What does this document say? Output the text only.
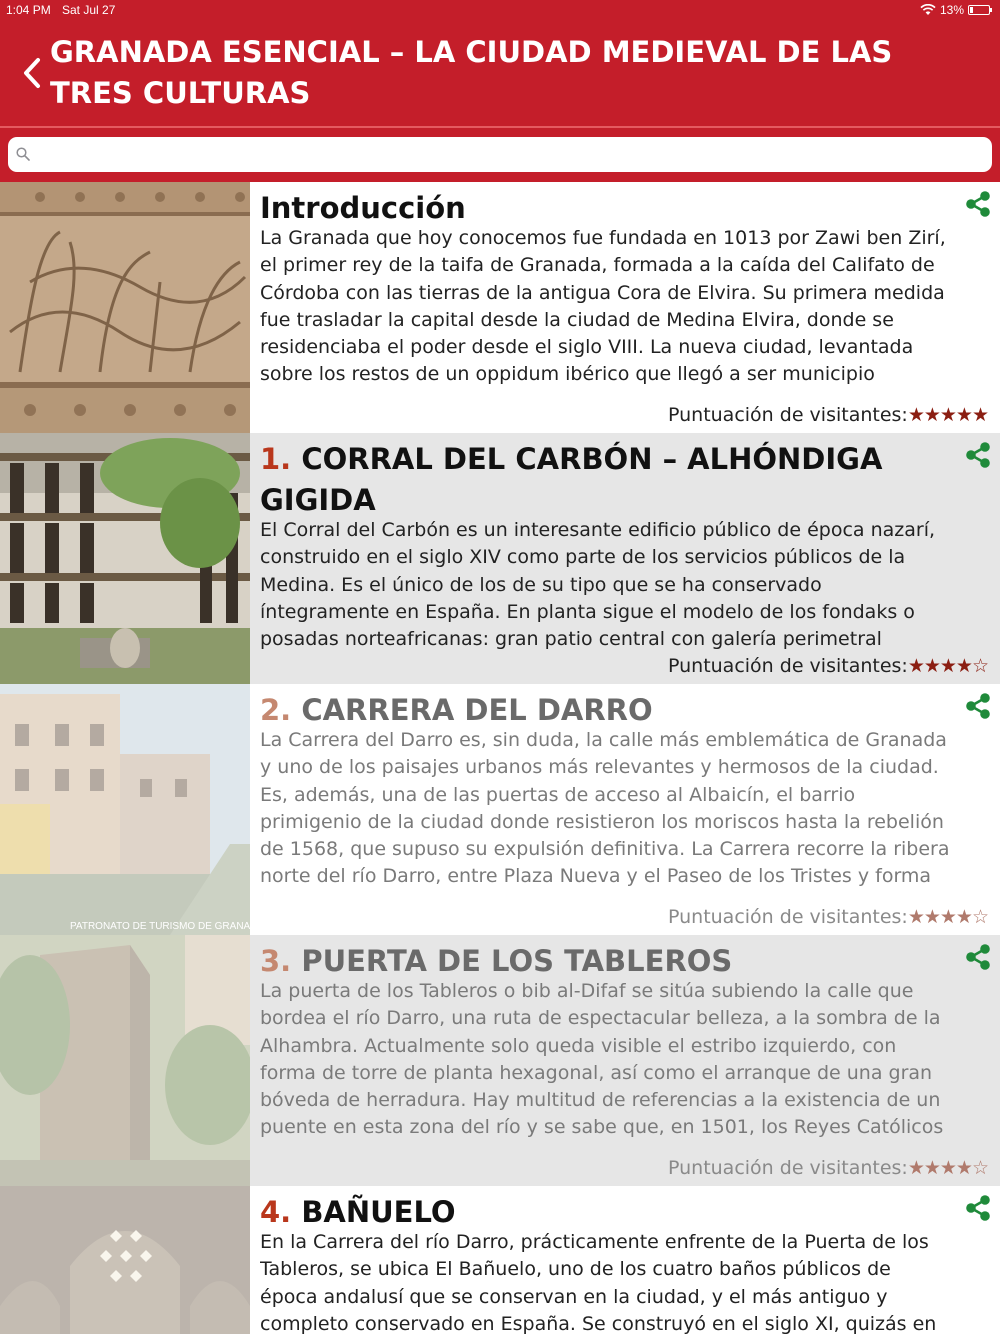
1:04 PM Sat Jul 27	13%
GRANADA ESENCIAL – LA CIUDAD MEDIEVAL DE LAS TRES CULTURAS
Introducción
La Granada que hoy conocemos fue fundada en 1013 por Zawi ben Zirí, el primer rey de la taifa de Granada, formada a la caída del Califato de Córdoba con las tierras de la antigua Cora de Elvira. Su primera medida fue trasladar la capital desde la ciudad de Medina Elvira, donde se residenciaba el poder desde el siglo VIII. La nueva ciudad, levantada sobre los restos de un oppidum ibérico que llegó a ser municipio
Puntuación de visitantes:★★★★★
1. CORRAL DEL CARBÓN – ALHÓNDIGA GIGIDA
El Corral del Carbón es un interesante edificio público de época nazarí, construido en el siglo XIV como parte de los servicios públicos de la Medina. Es el único de los de su tipo que se ha conservado íntegramente en España. En planta sigue el modelo de los fondaks o posadas norteafricanas: gran patio central con galería perimetral
Puntuación de visitantes:★★★★☆
2. CARRERA DEL DARRO
La Carrera del Darro es, sin duda, la calle más emblemática de Granada y uno de los paisajes urbanos más relevantes y hermosos de la ciudad. Es, además, una de las puertas de acceso al Albaicín, el barrio primigenio de la ciudad donde resistieron los moriscos hasta la rebelión de 1568, que supuso su expulsión definitiva. La Carrera recorre la ribera norte del río Darro, entre Plaza Nueva y el Paseo de los Tristes y forma
Puntuación de visitantes:★★★★☆
3. PUERTA DE LOS TABLEROS
La puerta de los Tableros o bib al-Difaf se sitúa subiendo la calle que bordea el río Darro, una ruta de espectacular belleza, a la sombra de la Alhambra. Actualmente solo queda visible el estribo izquierdo, con forma de torre de planta hexagonal, así como el arranque de una gran bóveda de herradura. Hay multitud de referencias a la existencia de un puente en esta zona del río y se sabe que, en 1501, los Reyes Católicos
Puntuación de visitantes:★★★★☆
4. BAÑUELO
En la Carrera del río Darro, prácticamente enfrente de la Puerta de los Tableros, se ubica El Bañuelo, uno de los cuatro baños públicos de época andalusí que se conservan en la ciudad, y el más antiguo y completo conservado en España. Se construyó en el siglo XI, quizás en
